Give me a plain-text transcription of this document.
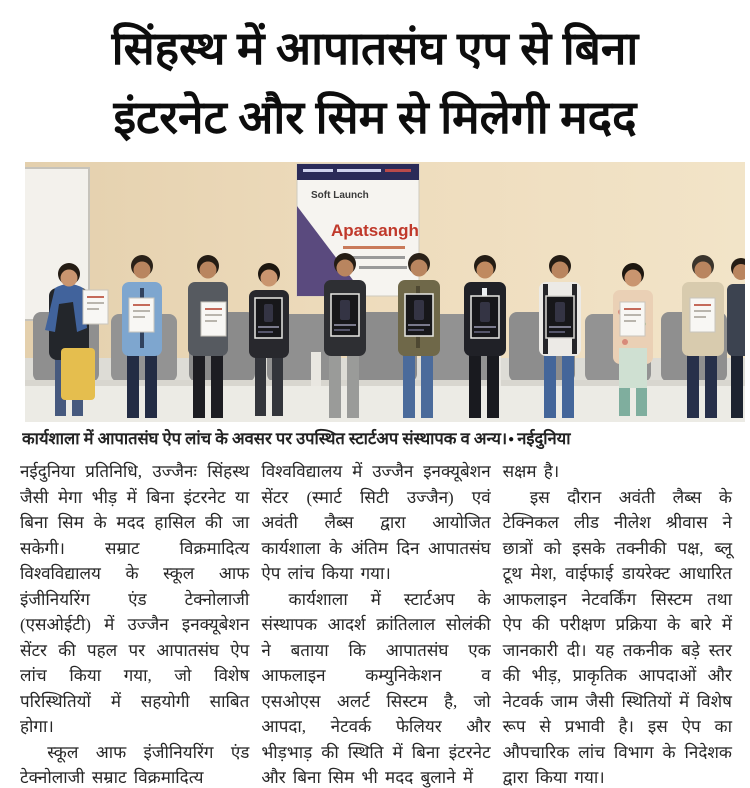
सिंहस्थ में आपातसंघ एप से बिना
इंटरनेट और सिम से मिलेगी मदद
Soft Launch
Apatsangh
कार्यशाला में आपातसंघ ऐप लांच के अवसर पर उपस्थित स्टार्टअप संस्थापक व अन्य।● नईदुनिया

नईदुनिया प्रतिनिधि, उज्जैनः सिंहस्थ जैसी मेगा भीड़ में बिना इंटरनेट या बिना सिम के मदद हासिल की जा सकेगी। सम्राट विक्रमादित्य विश्वविद्यालय के स्कूल आफ इंजीनियरिंग एंड टेक्नोलाजी (एसओईटी) में उज्जैन इनक्यूबेशन सेंटर की पहल पर आपातसंघ ऐप लांच किया गया, जो विशेष परिस्थितियों में सहयोगी साबित होगा।

स्कूल आफ इंजीनियरिंग एंड टेक्नोलाजी सम्राट विक्रमादित्य

विश्वविद्यालय में उज्जैन इनक्यूबेशन सेंटर (स्मार्ट सिटी उज्जैन) एवं अवंती लैब्स द्वारा आयोजित कार्यशाला के अंतिम दिन आपातसंघ ऐप लांच किया गया।

कार्यशाला में स्टार्टअप के संस्थापक आदर्श क्रांतिलाल सोलंकी ने बताया कि आपातसंघ एक आफलाइन कम्युनिकेशन व एसओएस अलर्ट सिस्टम है, जो आपदा, नेटवर्क फेलियर और भीड़भाड़ की स्थिति में बिना इंटरनेट और बिना सिम भी मदद बुलाने में

सक्षम है।

इस दौरान अवंती लैब्स के टेक्निकल लीड नीलेश श्रीवास ने छात्रों को इसके तक्नीकी पक्ष, ब्लू टूथ मेश, वाईफाई डायरेक्ट आधारित आफलाइन नेटवर्किंग सिस्टम तथा ऐप की परीक्षण प्रक्रिया के बारे में जानकारी दी। यह तकनीक बड़े स्तर की भीड़, प्राकृतिक आपदाओं और नेटवर्क जाम जैसी स्थितियों में विशेष रूप से प्रभावी है। इस ऐप का औपचारिक लांच विभाग के निदेशक द्वारा किया गया।
